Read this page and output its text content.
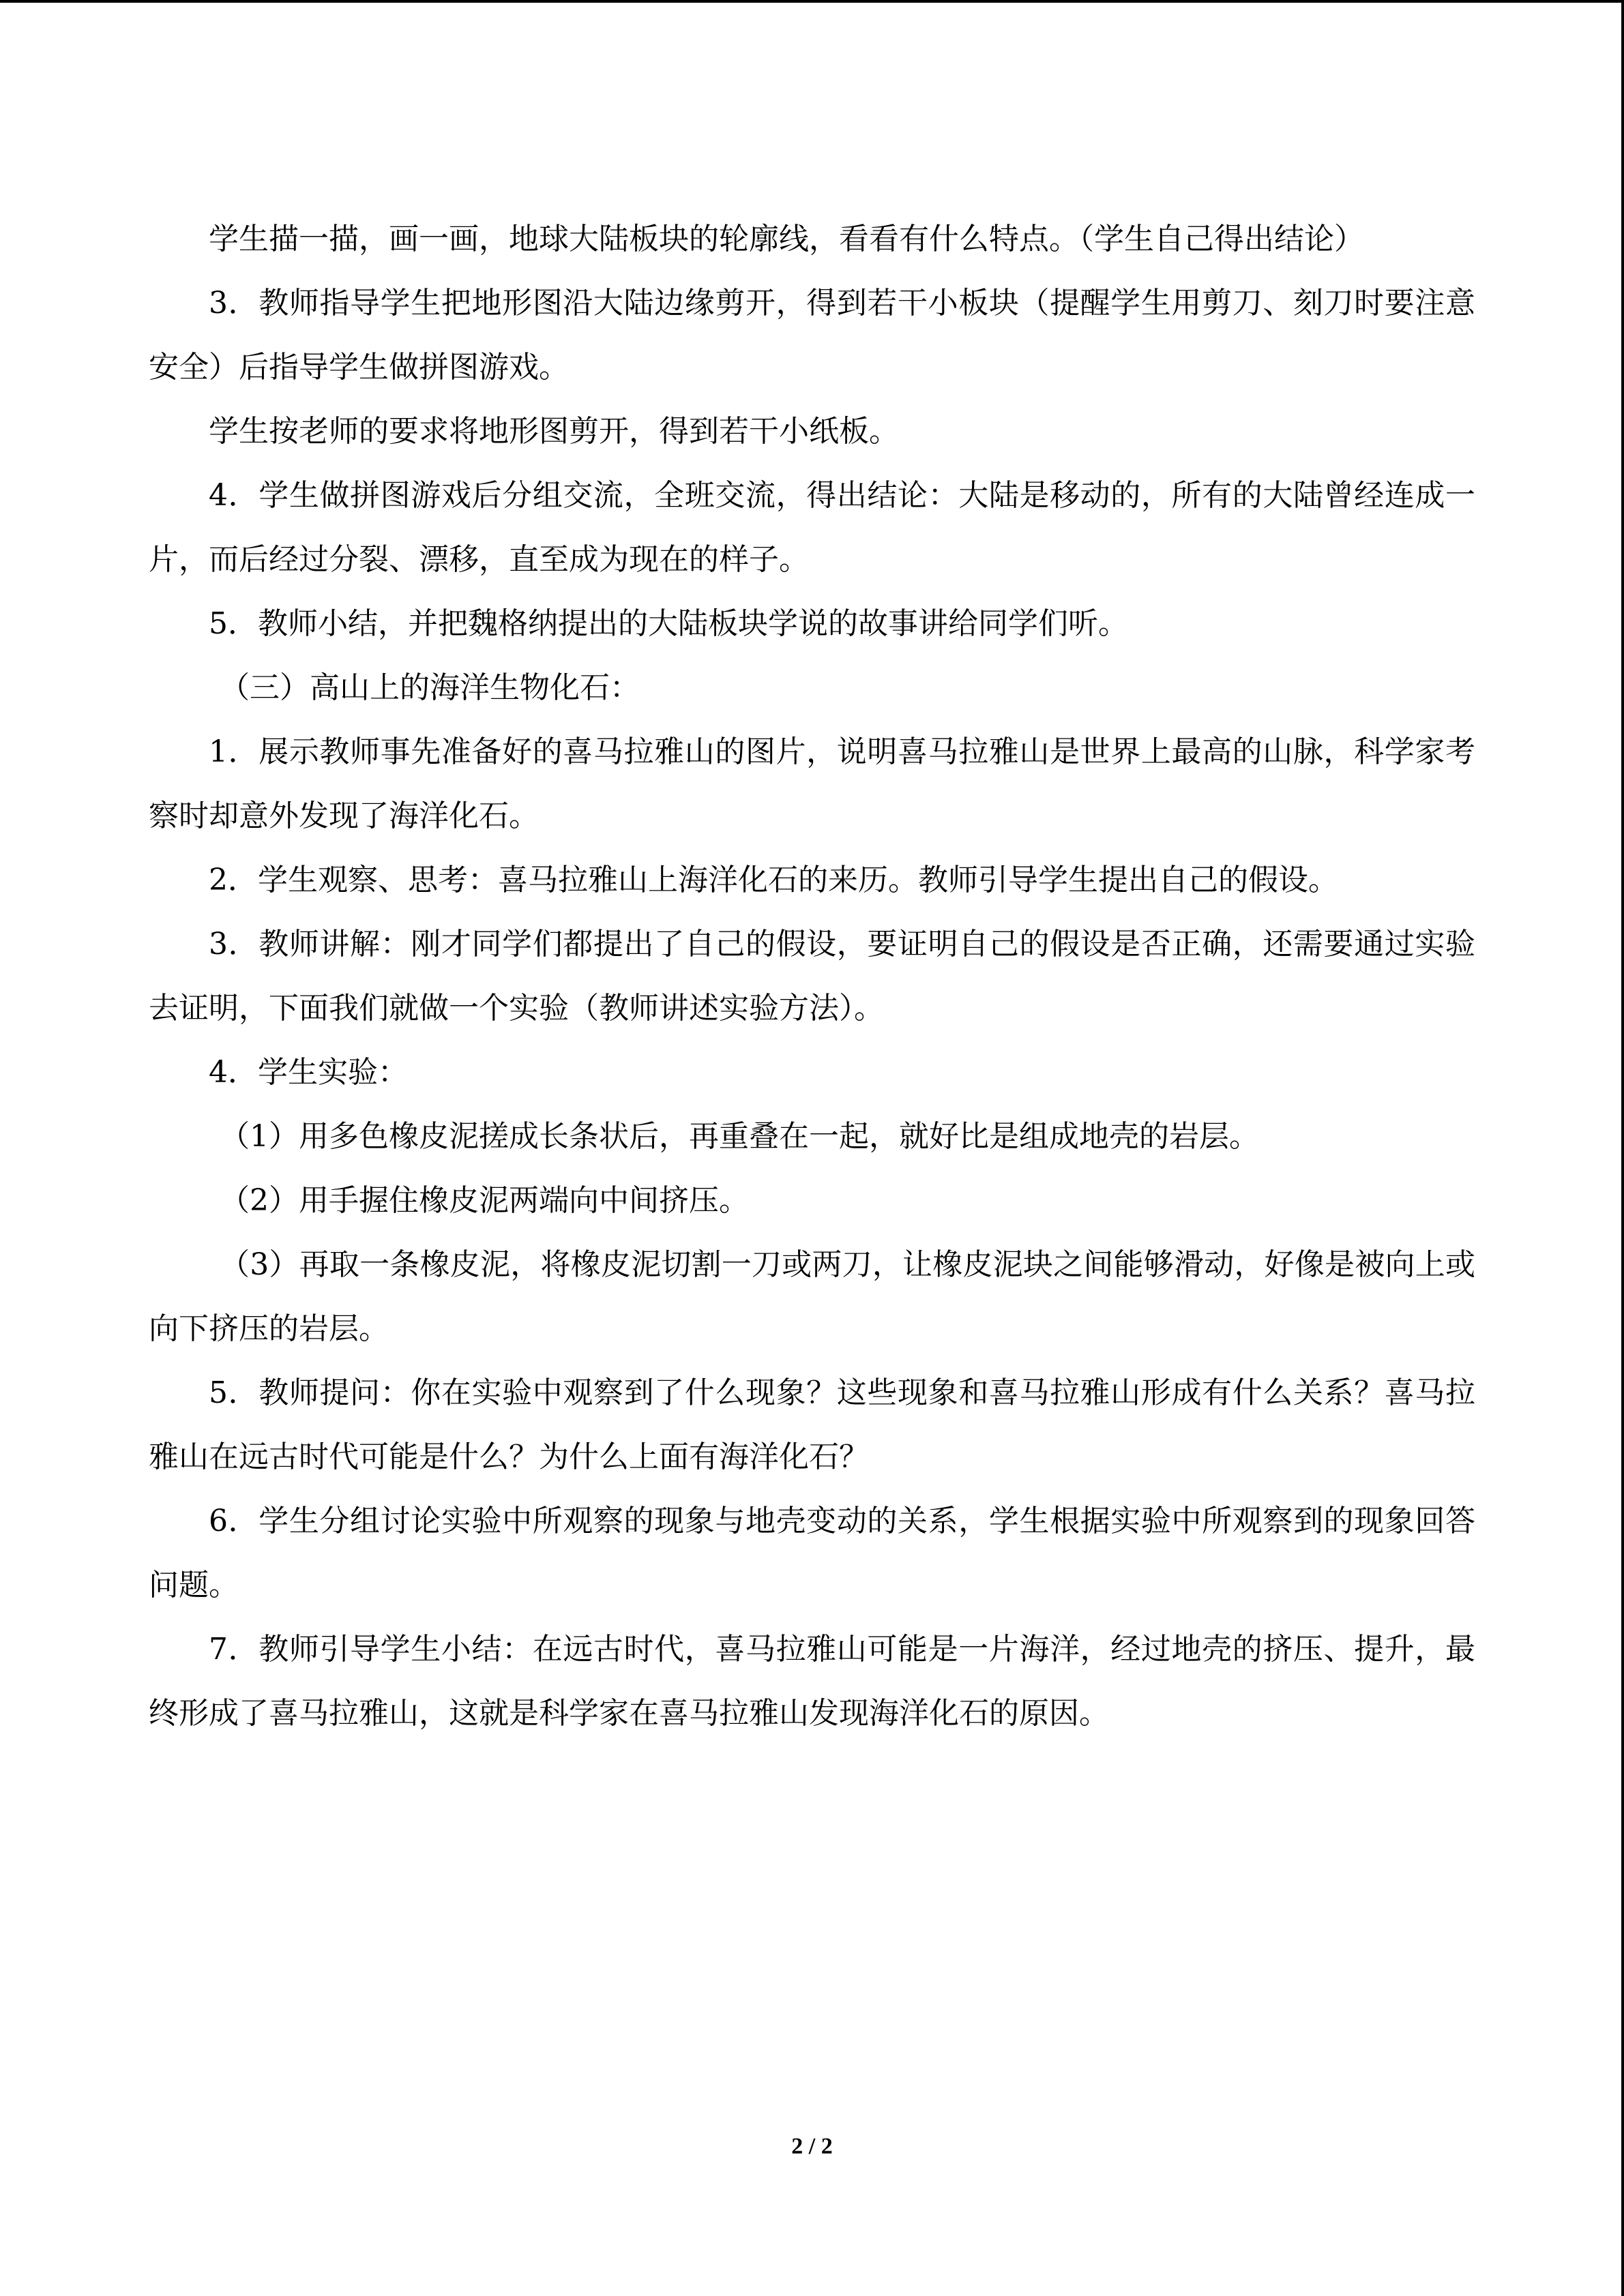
学生描一描，画一画，地球大陆板块的轮廓线，看看有什么特点。（学生自己得出结论）

3．教师指导学生把地形图沿大陆边缘剪开，得到若干小板块（提醒学生用剪刀、刻刀时要注意安全）后指导学生做拼图游戏。

学生按老师的要求将地形图剪开，得到若干小纸板。

4．学生做拼图游戏后分组交流，全班交流，得出结论：大陆是移动的，所有的大陆曾经连成一片，而后经过分裂、漂移，直至成为现在的样子。

5．教师小结，并把魏格纳提出的大陆板块学说的故事讲给同学们听。

（三）高山上的海洋生物化石：

1．展示教师事先准备好的喜马拉雅山的图片，说明喜马拉雅山是世界上最高的山脉，科学家考察时却意外发现了海洋化石。

2．学生观察、思考：喜马拉雅山上海洋化石的来历。教师引导学生提出自己的假设。

3．教师讲解：刚才同学们都提出了自己的假设，要证明自己的假设是否正确，还需要通过实验去证明，下面我们就做一个实验（教师讲述实验方法）。

4．学生实验：

（1）用多色橡皮泥搓成长条状后，再重叠在一起，就好比是组成地壳的岩层。

（2）用手握住橡皮泥两端向中间挤压。

（3）再取一条橡皮泥，将橡皮泥切割一刀或两刀，让橡皮泥块之间能够滑动，好像是被向上或向下挤压的岩层。

5．教师提问：你在实验中观察到了什么现象？这些现象和喜马拉雅山形成有什么关系？喜马拉雅山在远古时代可能是什么？为什么上面有海洋化石？

6．学生分组讨论实验中所观察的现象与地壳变动的关系，学生根据实验中所观察到的现象回答问题。

7．教师引导学生小结：在远古时代，喜马拉雅山可能是一片海洋，经过地壳的挤压、提升，最终形成了喜马拉雅山，这就是科学家在喜马拉雅山发现海洋化石的原因。

2 / 2
